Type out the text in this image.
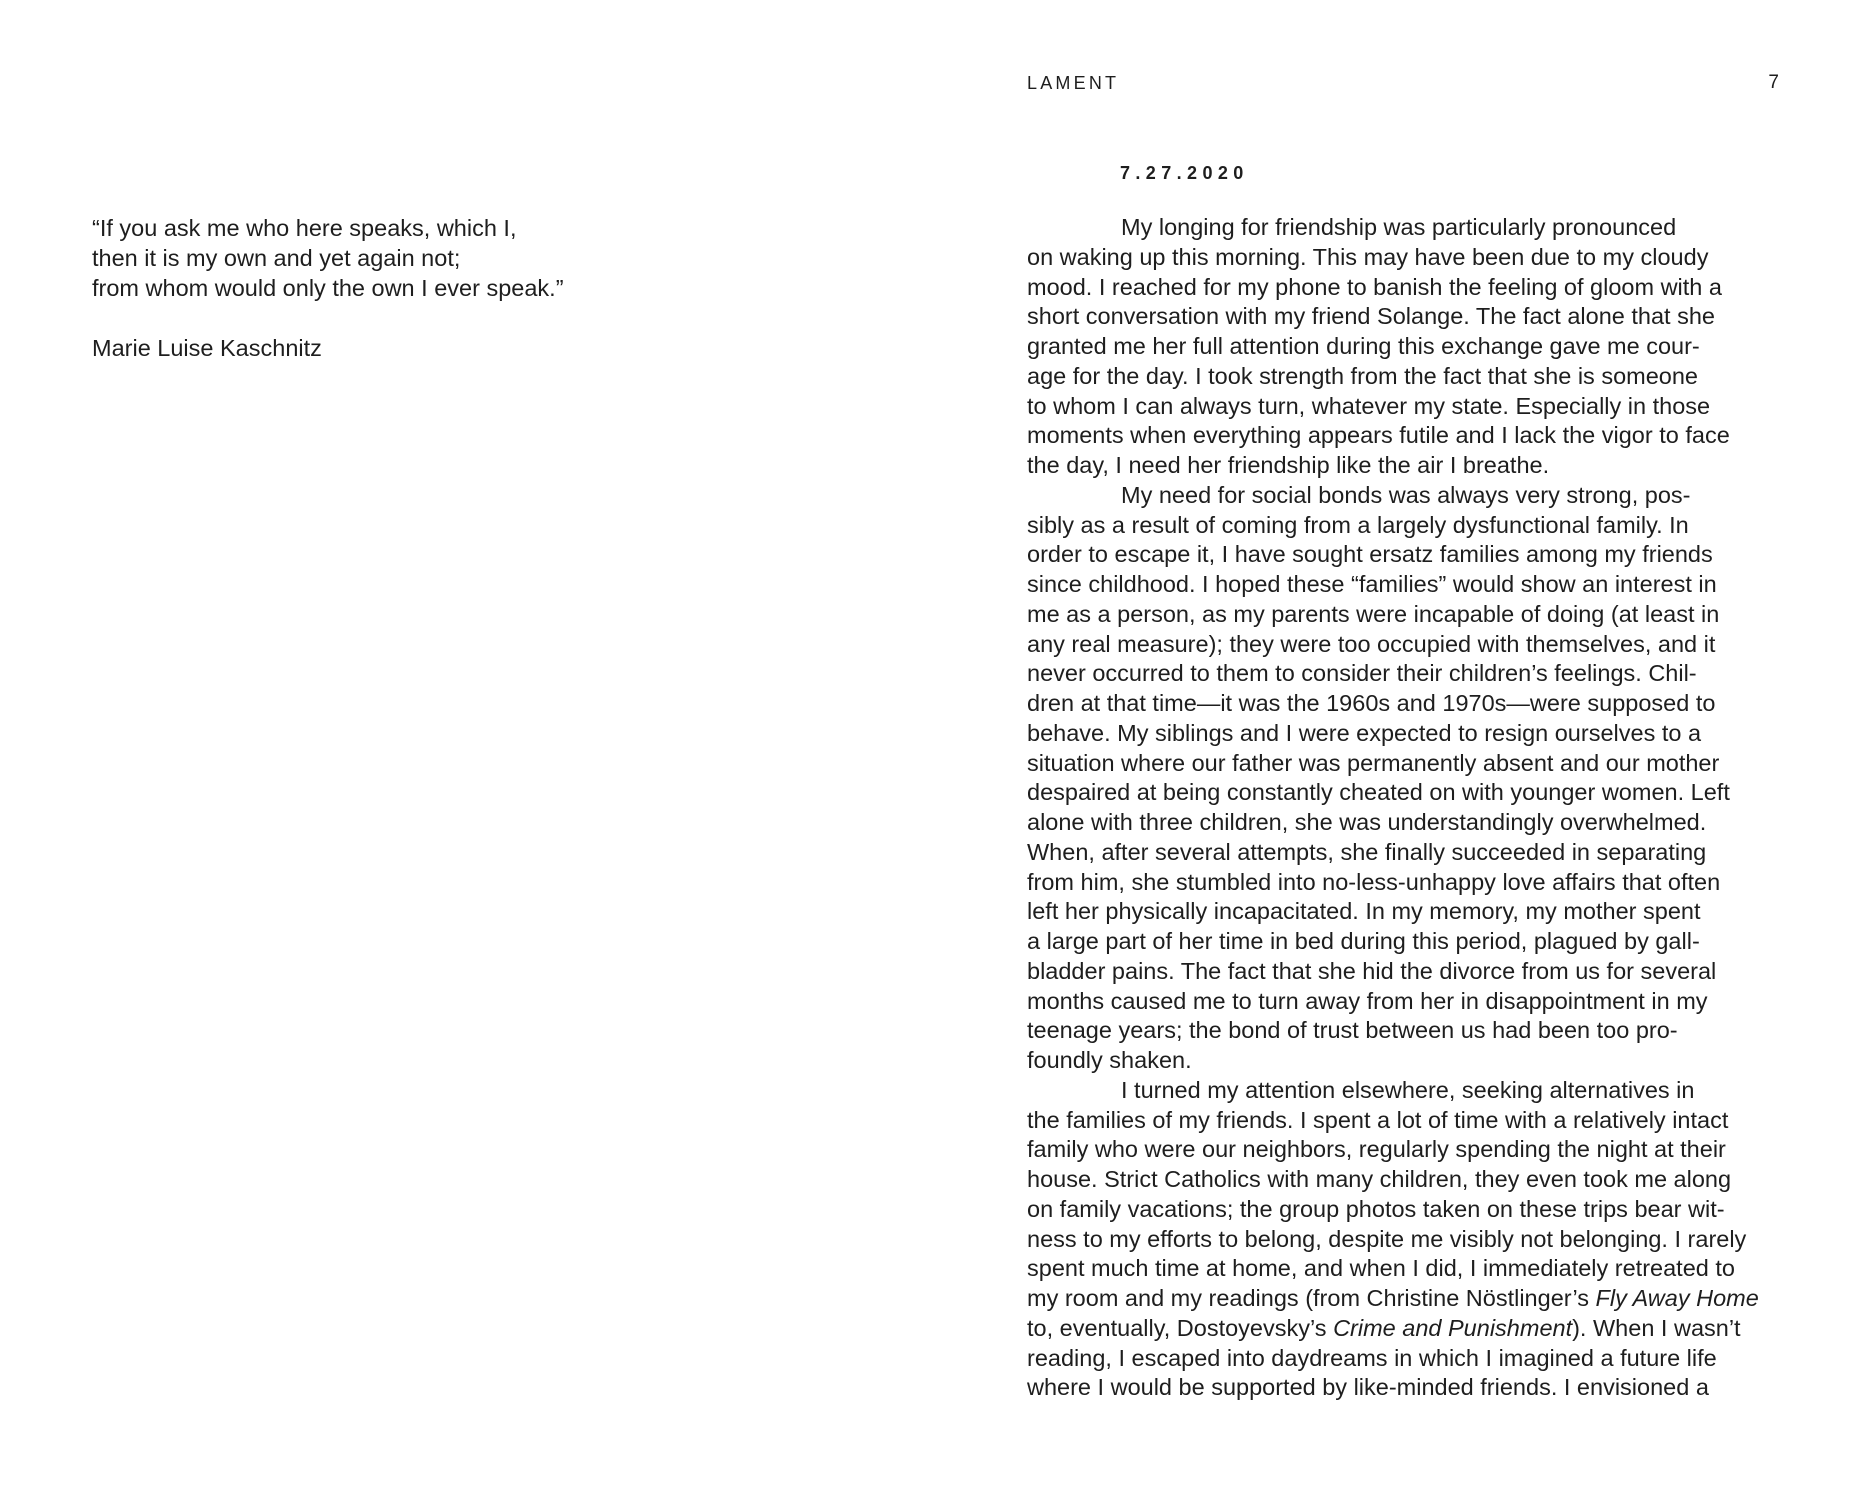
“If you ask me who here speaks, which I,
then it is my own and yet again not;
from whom would only the own I ever speak.”
Marie Luise Kaschnitz
LAMENT	7
7.27.2020
My longing for friendship was particularly pronounced
on waking up this morning. This may have been due to my cloudy
mood. I reached for my phone to banish the feeling of gloom with a
short conversation with my friend Solange. The fact alone that she
granted me her full attention during this exchange gave me cour-
age for the day. I took strength from the fact that she is someone
to whom I can always turn, whatever my state. Especially in those
moments when everything appears futile and I lack the vigor to face
the day, I need her friendship like the air I breathe.
My need for social bonds was always very strong, pos-
sibly as a result of coming from a largely dysfunctional family. In
order to escape it, I have sought ersatz families among my friends
since childhood. I hoped these “families” would show an interest in
me as a person, as my parents were incapable of doing (at least in
any real measure); they were too occupied with themselves, and it
never occurred to them to consider their children’s feelings. Chil-
dren at that time—it was the 1960s and 1970s—were supposed to
behave. My siblings and I were expected to resign ourselves to a
situation where our father was permanently absent and our mother
despaired at being constantly cheated on with younger women. Left
alone with three children, she was understandingly overwhelmed.
When, after several attempts, she finally succeeded in separating
from him, she stumbled into no-less-unhappy love affairs that often
left her physically incapacitated. In my memory, my mother spent
a large part of her time in bed during this period, plagued by gall-
bladder pains. The fact that she hid the divorce from us for several
months caused me to turn away from her in disappointment in my
teenage years; the bond of trust between us had been too pro-
foundly shaken.
I turned my attention elsewhere, seeking alternatives in
the families of my friends. I spent a lot of time with a relatively intact
family who were our neighbors, regularly spending the night at their
house. Strict Catholics with many children, they even took me along
on family vacations; the group photos taken on these trips bear wit-
ness to my efforts to belong, despite me visibly not belonging. I rarely
spent much time at home, and when I did, I immediately retreated to
my room and my readings (from Christine Nöstlinger’s Fly Away Home
to, eventually, Dostoyevsky’s Crime and Punishment). When I wasn’t
reading, I escaped into daydreams in which I imagined a future life
where I would be supported by like-minded friends. I envisioned a
